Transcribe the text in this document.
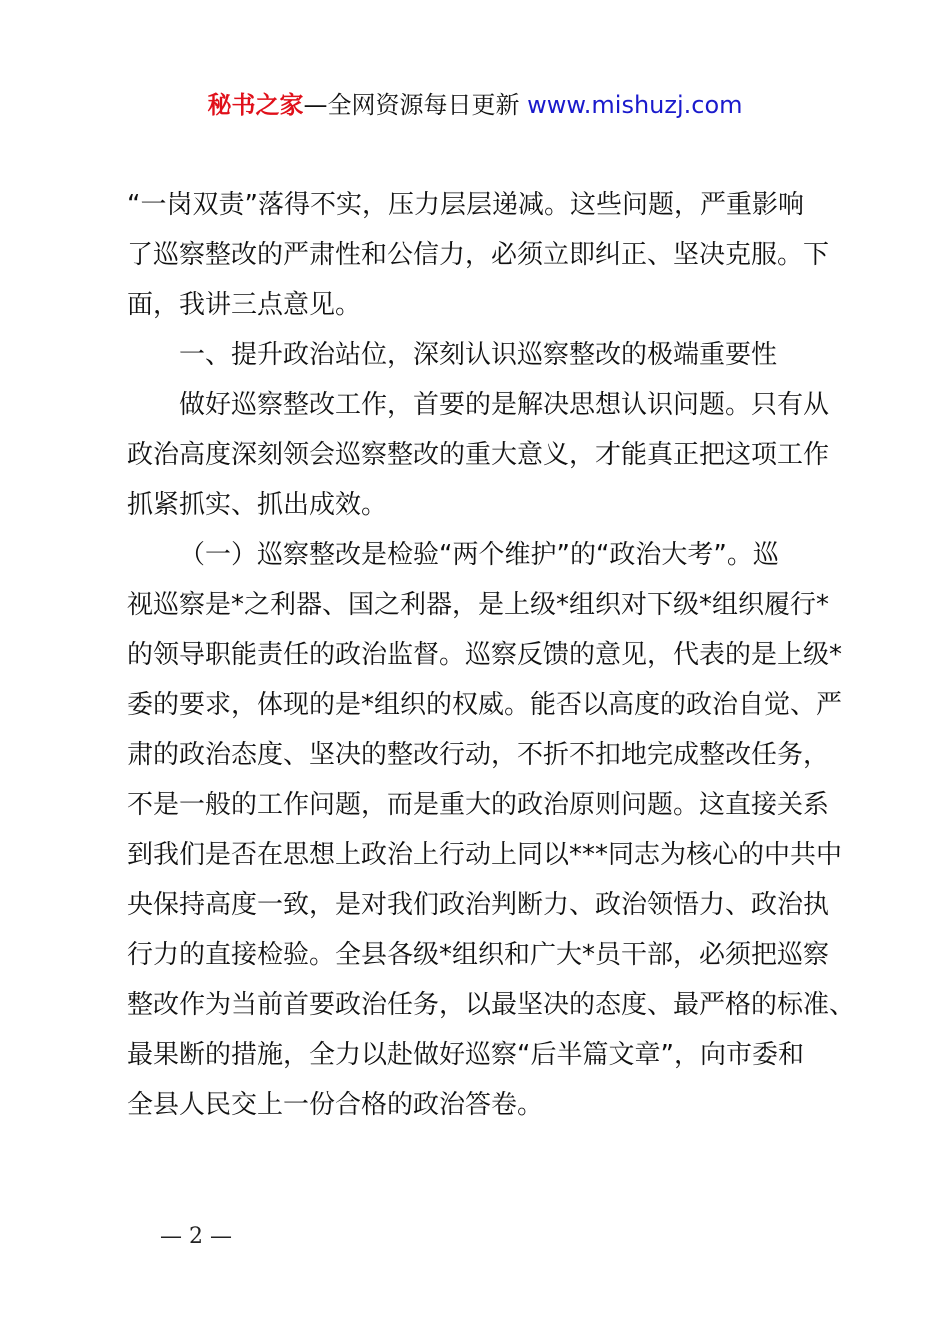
秘书之家—全网资源每日更新 www.mishuzj.com

“一岗双责”落得不实，压力层层递减。这些问题，严重影响
了巡察整改的严肃性和公信力，必须立即纠正、坚决克服。下
面，我讲三点意见。

一、提升政治站位，深刻认识巡察整改的极端重要性

做好巡察整改工作，首要的是解决思想认识问题。只有从
政治高度深刻领会巡察整改的重大意义，才能真正把这项工作
抓紧抓实、抓出成效。

（一）巡察整改是检验“两个维护”的“政治大考”。巡
视巡察是*之利器、国之利器，是上级*组织对下级*组织履行*
的领导职能责任的政治监督。巡察反馈的意见，代表的是上级*
委的要求，体现的是*组织的权威。能否以高度的政治自觉、严
肃的政治态度、坚决的整改行动，不折不扣地完成整改任务，
不是一般的工作问题，而是重大的政治原则问题。这直接关系
到我们是否在思想上政治上行动上同以***同志为核心的中共中
央保持高度一致，是对我们政治判断力、政治领悟力、政治执
行力的直接检验。全县各级*组织和广大*员干部，必须把巡察
整改作为当前首要政治任务，以最坚决的态度、最严格的标准、
最果断的措施，全力以赴做好巡察“后半篇文章”，向市委和
全县人民交上一份合格的政治答卷。

— 2 —
